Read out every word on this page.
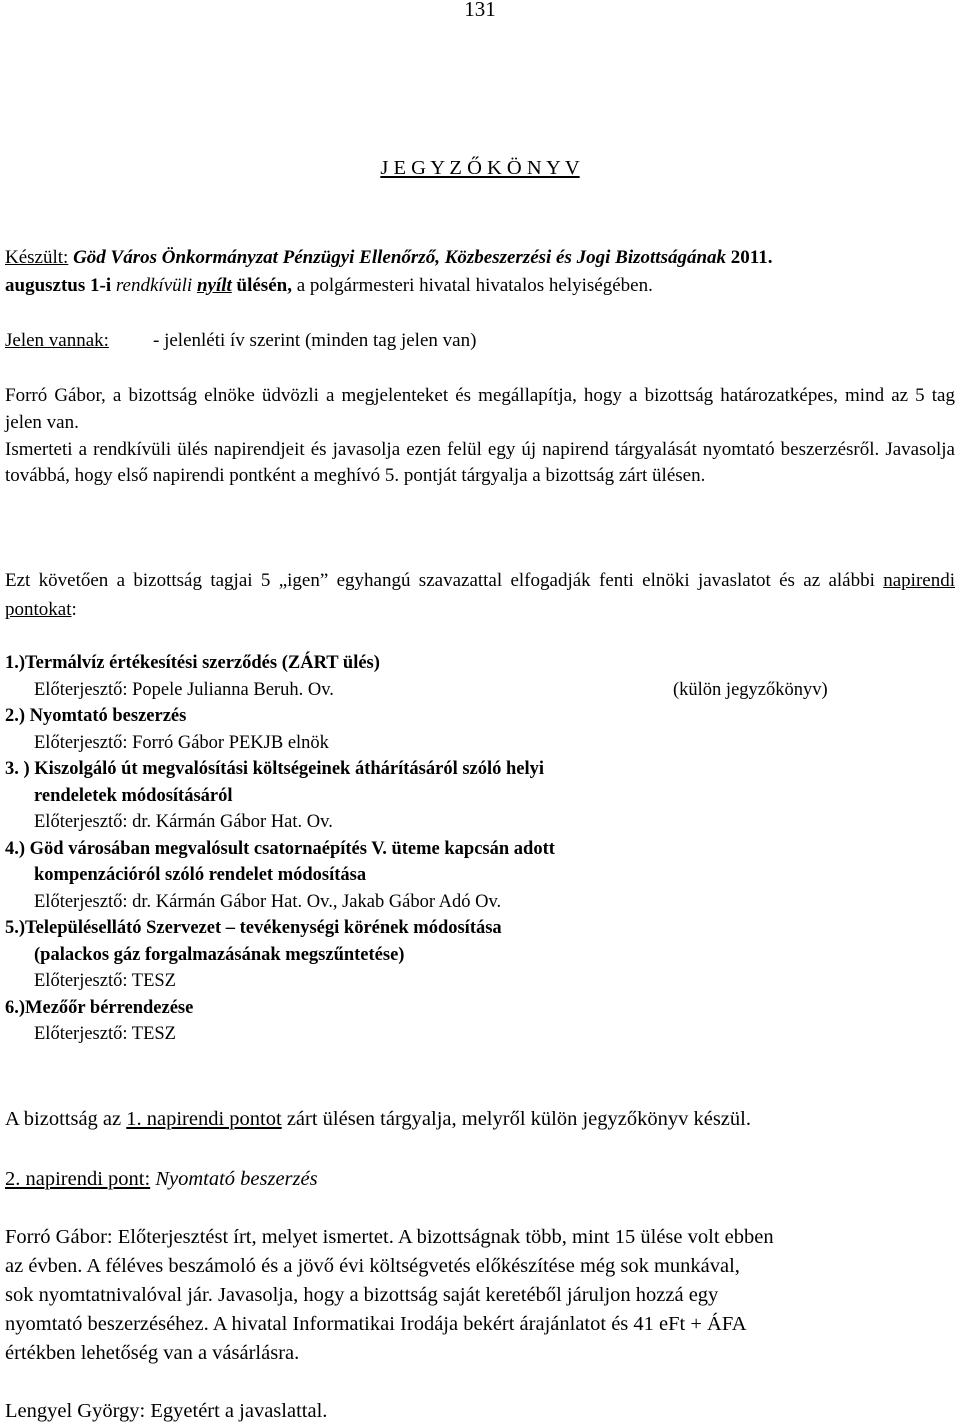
131
J E G Y Z Ő K Ö N Y V
Készült: Göd Város Önkormányzat Pénzügyi Ellenőrző, Közbeszerzési és Jogi Bizottságának 2011.
augusztus 1-i rendkívüli nyílt ülésén, a polgármesteri hivatal hivatalos helyiségében.
Jelen vannak: - jelenléti ív szerint (minden tag jelen van)
Forró Gábor, a bizottság elnöke üdvözli a megjelenteket és megállapítja, hogy a bizottság határozatképes, mind az 5 tag jelen van.
Ismerteti a rendkívüli ülés napirendjeit és javasolja ezen felül egy új napirend tárgyalását nyomtató beszerzésről. Javasolja továbbá, hogy első napirendi pontként a meghívó 5. pontját tárgyalja a bizottság zárt ülésen.
Ezt követően a bizottság tagjai 5 „igen” egyhangú szavazattal elfogadják fenti elnöki javaslatot és az alábbi napirendi pontokat:
1.)Termálvíz értékesítési szerződés (ZÁRT ülés)
Előterjesztő: Popele Julianna Beruh. Ov.	(külön jegyzőkönyv)
2.) Nyomtató beszerzés
Előterjesztő: Forró Gábor PEKJB elnök
3. ) Kiszolgáló út megvalósítási költségeinek áthárításáról szóló helyi
rendeletek módosításáról
Előterjesztő: dr. Kármán Gábor Hat. Ov.
4.) Göd városában megvalósult csatornaépítés V. üteme kapcsán adott
kompenzációról szóló rendelet módosítása
Előterjesztő: dr. Kármán Gábor Hat. Ov., Jakab Gábor Adó Ov.
5.)Településellátó Szervezet – tevékenységi körének módosítása
(palackos gáz forgalmazásának megszűntetése)
Előterjesztő: TESZ
6.)Mezőőr bérrendezése
Előterjesztő: TESZ
A bizottság az 1. napirendi pontot zárt ülésen tárgyalja, melyről külön jegyzőkönyv készül.
2. napirendi pont: Nyomtató beszerzés
Forró Gábor: Előterjesztést írt, melyet ismertet. A bizottságnak több, mint 15 ülése volt ebben
az évben. A féléves beszámoló és a jövő évi költségvetés előkészítése még sok munkával,
sok nyomtatnivalóval jár. Javasolja, hogy a bizottság saját keretéből járuljon hozzá egy
nyomtató beszerzéséhez. A hivatal Informatikai Irodája bekért árajánlatot és 41 eFt + ÁFA
értékben lehetőség van a vásárlásra.
Lengyel György: Egyetért a javaslattal.
